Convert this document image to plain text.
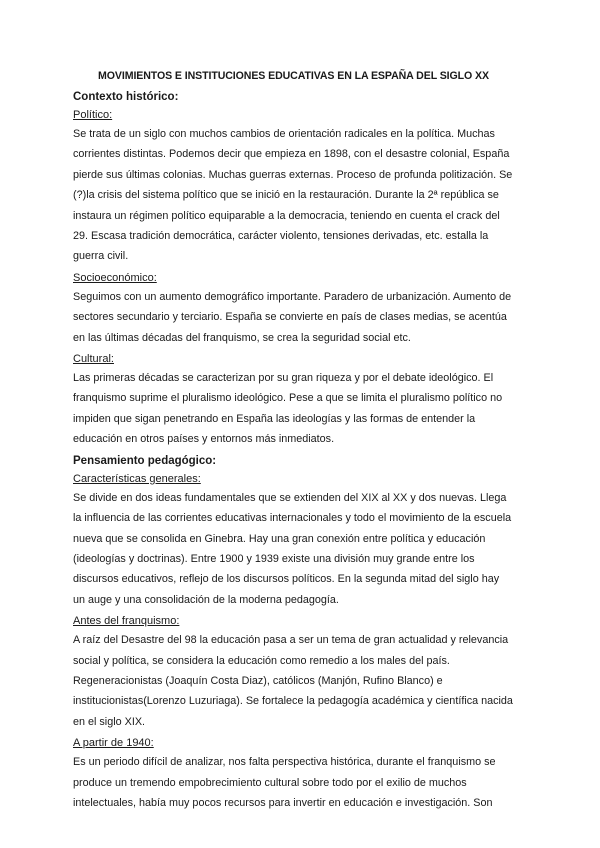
MOVIMIENTOS E INSTITUCIONES EDUCATIVAS EN LA ESPAÑA DEL SIGLO XX

Contexto histórico:

Político:

Se trata de un siglo con muchos cambios de orientación radicales en la política. Muchas corrientes distintas. Podemos decir que empieza en 1898, con el desastre colonial, España pierde sus últimas colonias. Muchas guerras externas. Proceso de profunda politización. Se (?)la crisis del sistema político que se inició en la restauración. Durante la 2ª república se instaura un régimen político equiparable a la democracia, teniendo en cuenta el crack del 29. Escasa tradición democrática, carácter violento, tensiones derivadas, etc. estalla la guerra civil.

Socioeconómico:

Seguimos con un aumento demográfico importante. Paradero de urbanización. Aumento de sectores secundario y terciario. España se convierte en país de clases medias, se acentúa en las últimas décadas del franquismo, se crea la seguridad social etc.

Cultural:

Las primeras décadas se caracterizan por su gran riqueza y por el debate ideológico. El franquismo suprime el pluralismo ideológico. Pese a que se limita el pluralismo político no impiden que sigan penetrando en España las ideologías y las formas de entender la educación en otros países y entornos más inmediatos.

Pensamiento pedagógico:

Características generales:

Se divide en dos ideas fundamentales que se extienden del XIX al XX y dos nuevas. Llega la influencia de las corrientes educativas internacionales y todo el movimiento de la escuela nueva que se consolida en Ginebra. Hay una gran conexión entre política y educación (ideologías y doctrinas). Entre 1900 y 1939 existe una división muy grande entre los discursos educativos, reflejo de los discursos políticos. En la segunda mitad del siglo hay un auge y una consolidación de la moderna pedagogía.

Antes del franquismo:

A raíz del Desastre del 98 la educación pasa a ser un tema de gran actualidad y relevancia social y política, se considera la educación como remedio a los males del país. Regeneracionistas (Joaquín Costa Diaz), católicos (Manjón, Rufino Blanco) e institucionistas(Lorenzo Luzuriaga). Se fortalece la pedagogía académica y científica nacida en el siglo XIX.

A partir de 1940:

Es un periodo difícil de analizar, nos falta perspectiva histórica, durante el franquismo se produce un tremendo empobrecimiento cultural sobre todo por el exilio de muchos intelectuales, había muy pocos recursos para invertir en educación e investigación. Son
